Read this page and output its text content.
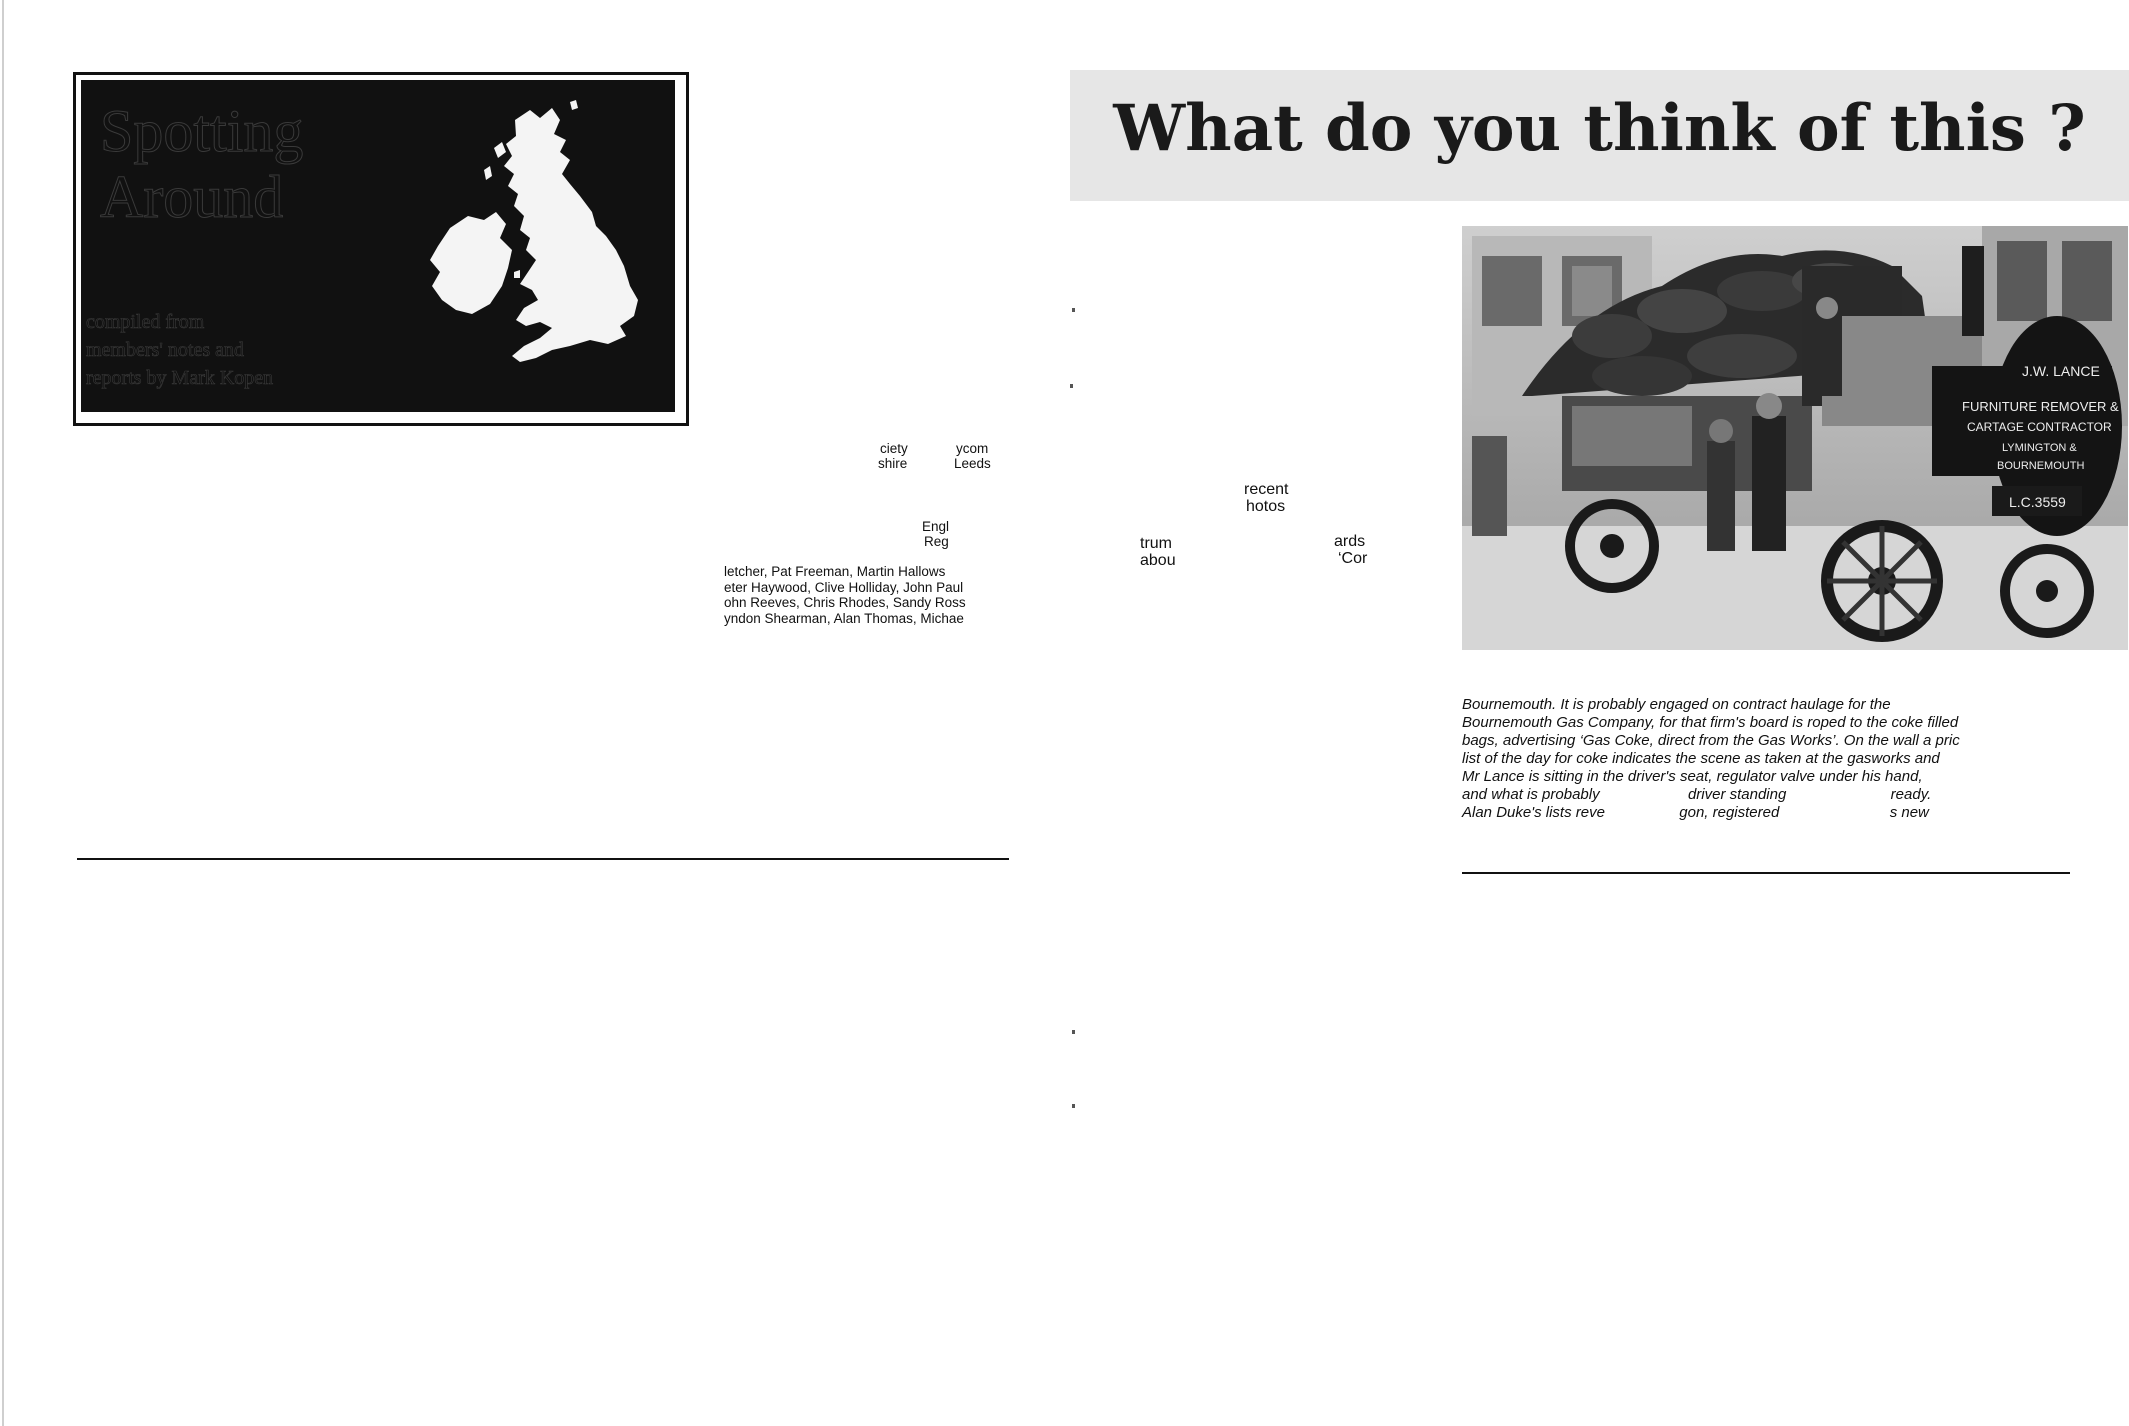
Spotting
Around
compiled from
members' notes and
reports by Mark Kopen
ciety
shire
ycom
Leeds
Engl
Reg
letcher, Pat Freeman, Martin Hallows
eter Haywood, Clive Holliday, John Paul
ohn Reeves, Chris Rhodes, Sandy Ross
yndon Shearman, Alan Thomas, Michae
What do you think of this ?
recent
hotos
trum
abou
ards
‘Cor
J.W. LANCE
FURNITURE REMOVER &
CARTAGE CONTRACTOR
LYMINGTON &
BOURNEMOUTH
L.C.3559
Bournemouth. It is probably engaged on contract haulage for the
Bournemouth Gas Company, for that firm's board is roped to the coke filled
bags, advertising ‘Gas Coke, direct from the Gas Works’. On the wall a pric
list of the day for coke indicates the scene as taken at the gasworks and
Mr Lance is sitting in the driver's seat, regulator valve under his hand,
and what is probably	driver standing	ready.
Alan Duke's lists reve	gon, registered	s new
